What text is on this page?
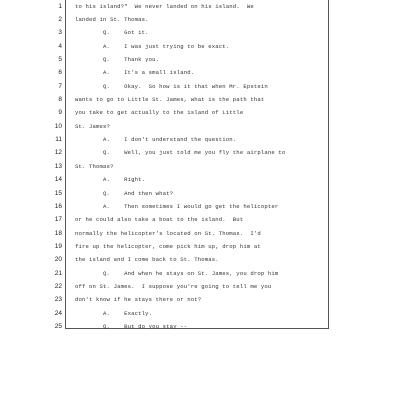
1 to his island?"  We never landed on his island.  We
2 landed in St. Thomas.
3 Q.    Got it.
4 A.    I was just trying to be exact.
5 Q.    Thank you.
6 A.    It's a small island.
7 Q.    Okay.  So how is it that when Mr. Epstein
8 wants to go to Little St. James, what is the path that
9 you take to get actually to the island of Little
10 St. James?
11 A.    I don't understand the question.
12 Q.    Well, you just told me you fly the airplane to
13 St. Thomas?
14 A.    Right.
15 Q.    And then what?
16 A.    Then sometimes I would go get the helicopter
17 or he could also take a boat to the island.  But
18 normally the helicopter's located on St. Thomas.  I'd
19 fire up the helicopter, come pick him up, drop him at
20 the island and I come back to St. Thomas.
21 Q.    And when he stays on St. James, you drop him
22 off on St. James.  I suppose you're going to tell me you
23 don't know if he stays there or not?
24 A.    Exactly.
25 Q.    But do you stay --
